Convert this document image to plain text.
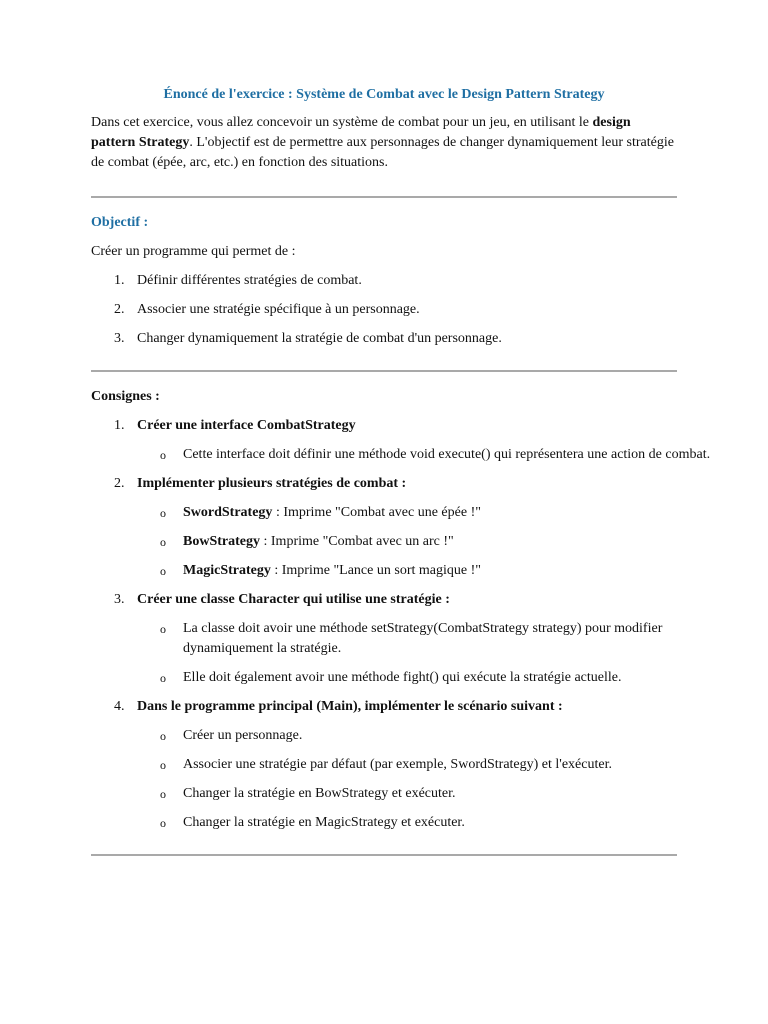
Énoncé de l'exercice : Système de Combat avec le Design Pattern Strategy

Dans cet exercice, vous allez concevoir un système de combat pour un jeu, en utilisant le design pattern Strategy. L'objectif est de permettre aux personnages de changer dynamiquement leur stratégie de combat (épée, arc, etc.) en fonction des situations.

Objectif :

Créer un programme qui permet de :

1. Définir différentes stratégies de combat.
2. Associer une stratégie spécifique à un personnage.
3. Changer dynamiquement la stratégie de combat d'un personnage.

Consignes :

1. Créer une interface CombatStrategy
o Cette interface doit définir une méthode void execute() qui représentera une action de combat.
2. Implémenter plusieurs stratégies de combat :
o SwordStrategy : Imprime "Combat avec une épée !"
o BowStrategy : Imprime "Combat avec un arc !"
o MagicStrategy : Imprime "Lance un sort magique !"
3. Créer une classe Character qui utilise une stratégie :
o La classe doit avoir une méthode setStrategy(CombatStrategy strategy) pour modifier dynamiquement la stratégie.
o Elle doit également avoir une méthode fight() qui exécute la stratégie actuelle.
4. Dans le programme principal (Main), implémenter le scénario suivant :
o Créer un personnage.
o Associer une stratégie par défaut (par exemple, SwordStrategy) et l'exécuter.
o Changer la stratégie en BowStrategy et exécuter.
o Changer la stratégie en MagicStrategy et exécuter.
